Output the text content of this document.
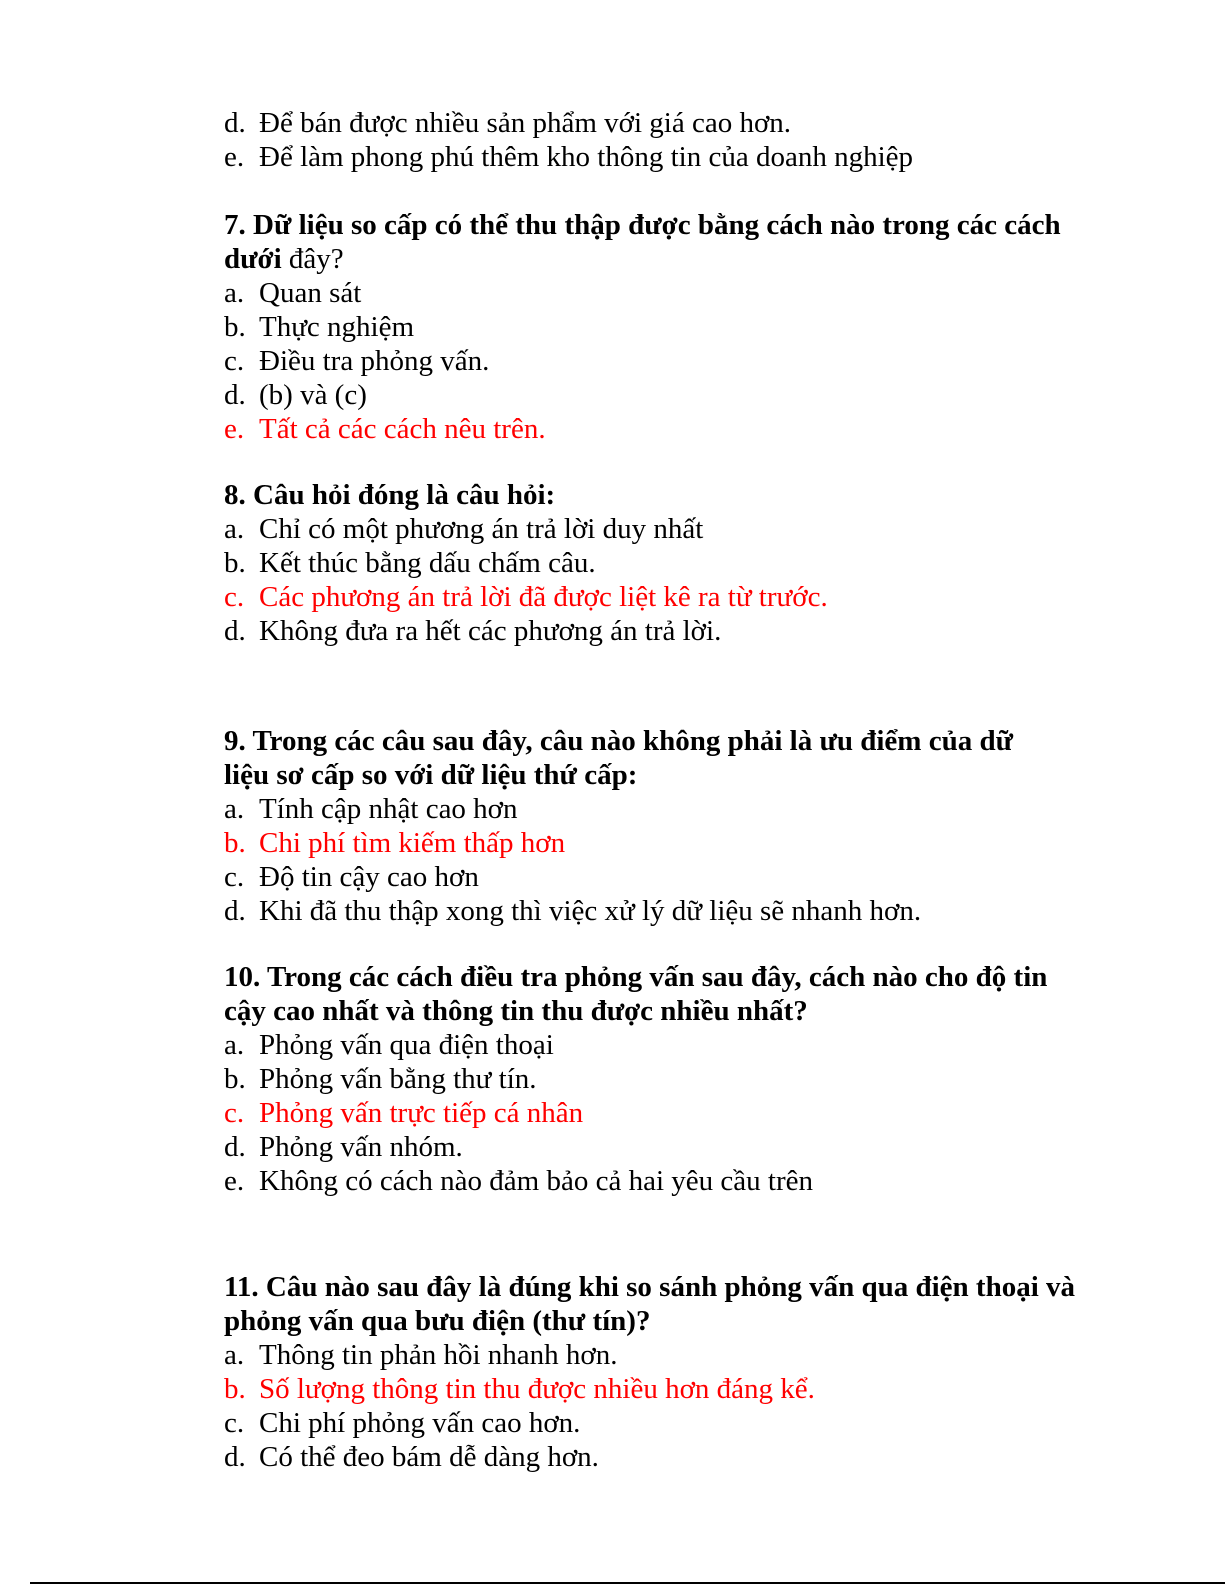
d. Để bán được nhiều sản phẩm với giá cao hơn.
e. Để làm phong phú thêm kho thông tin của doanh nghiệp
7. Dữ liệu so cấp có thể thu thập được bằng cách nào trong các cách dưới đây?
a. Quan sát
b. Thực nghiệm
c. Điều tra phỏng vấn.
d. (b) và (c)
e. Tất cả các cách nêu trên.
8. Câu hỏi đóng là câu hỏi:
a. Chỉ có một phương án trả lời duy nhất
b. Kết thúc bằng dấu chấm câu.
c. Các phương án trả lời đã được liệt kê ra từ trước.
d. Không đưa ra hết các phương án trả lời.
9. Trong các câu sau đây, câu nào không phải là ưu điểm của dữ liệu sơ cấp so với dữ liệu thứ cấp:
a. Tính cập nhật cao hơn
b. Chi phí tìm kiếm thấp hơn
c. Độ tin cậy cao hơn
d. Khi đã thu thập xong thì việc xử lý dữ liệu sẽ nhanh hơn.
10. Trong các cách điều tra phỏng vấn sau đây, cách nào cho độ tin cậy cao nhất và thông tin thu được nhiều nhất?
a. Phỏng vấn qua điện thoại
b. Phỏng vấn bằng thư tín.
c. Phỏng vấn trực tiếp cá nhân
d. Phỏng vấn nhóm.
e. Không có cách nào đảm bảo cả hai yêu cầu trên
11. Câu nào sau đây là đúng khi so sánh phỏng vấn qua điện thoại và phỏng vấn qua bưu điện (thư tín)?
a. Thông tin phản hồi nhanh hơn.
b. Số lượng thông tin thu được nhiều hơn đáng kể.
c. Chi phí phỏng vấn cao hơn.
d. Có thể đeo bám dễ dàng hơn.
